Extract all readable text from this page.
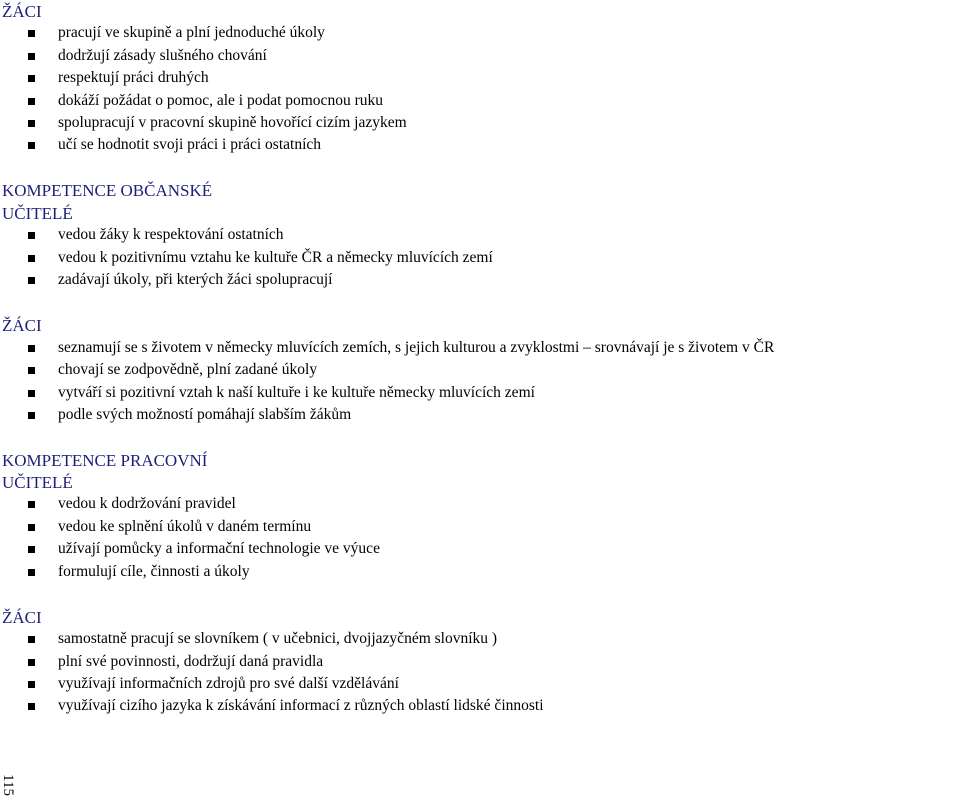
ŽÁCI
pracují ve skupině a plní jednoduché úkoly
dodržují zásady slušného chování
respektují práci druhých
dokáží požádat o pomoc, ale i podat pomocnou ruku
spolupracují v pracovní skupině hovořící cizím jazykem
učí se hodnotit svoji práci i práci ostatních
KOMPETENCE OBČANSKÉ
UČITELÉ
vedou žáky k respektování ostatních
vedou k pozitivnímu vztahu ke kultuře ČR a německy mluvících zemí
zadávají úkoly, při kterých žáci spolupracují
ŽÁCI
seznamují se s životem v německy mluvících zemích, s jejich kulturou a zvyklostmi – srovnávají je s životem v ČR
chovají se zodpovědně, plní zadané úkoly
vytváří si pozitivní vztah k naší kultuře i ke kultuře německy mluvících zemí
podle svých možností pomáhají slabším žákům
KOMPETENCE PRACOVNÍ
UČITELÉ
vedou k dodržování pravidel
vedou ke splnění úkolů v daném termínu
užívají pomůcky a informační technologie ve výuce
formulují cíle, činnosti a úkoly
ŽÁCI
samostatně pracují se slovníkem ( v učebnici, dvojjazyčném slovníku )
plní své povinnosti, dodržují daná pravidla
využívají informačních zdrojů pro své další vzdělávání
využívají cizího jazyka k získávání informací z různých oblastí lidské činnosti
115
